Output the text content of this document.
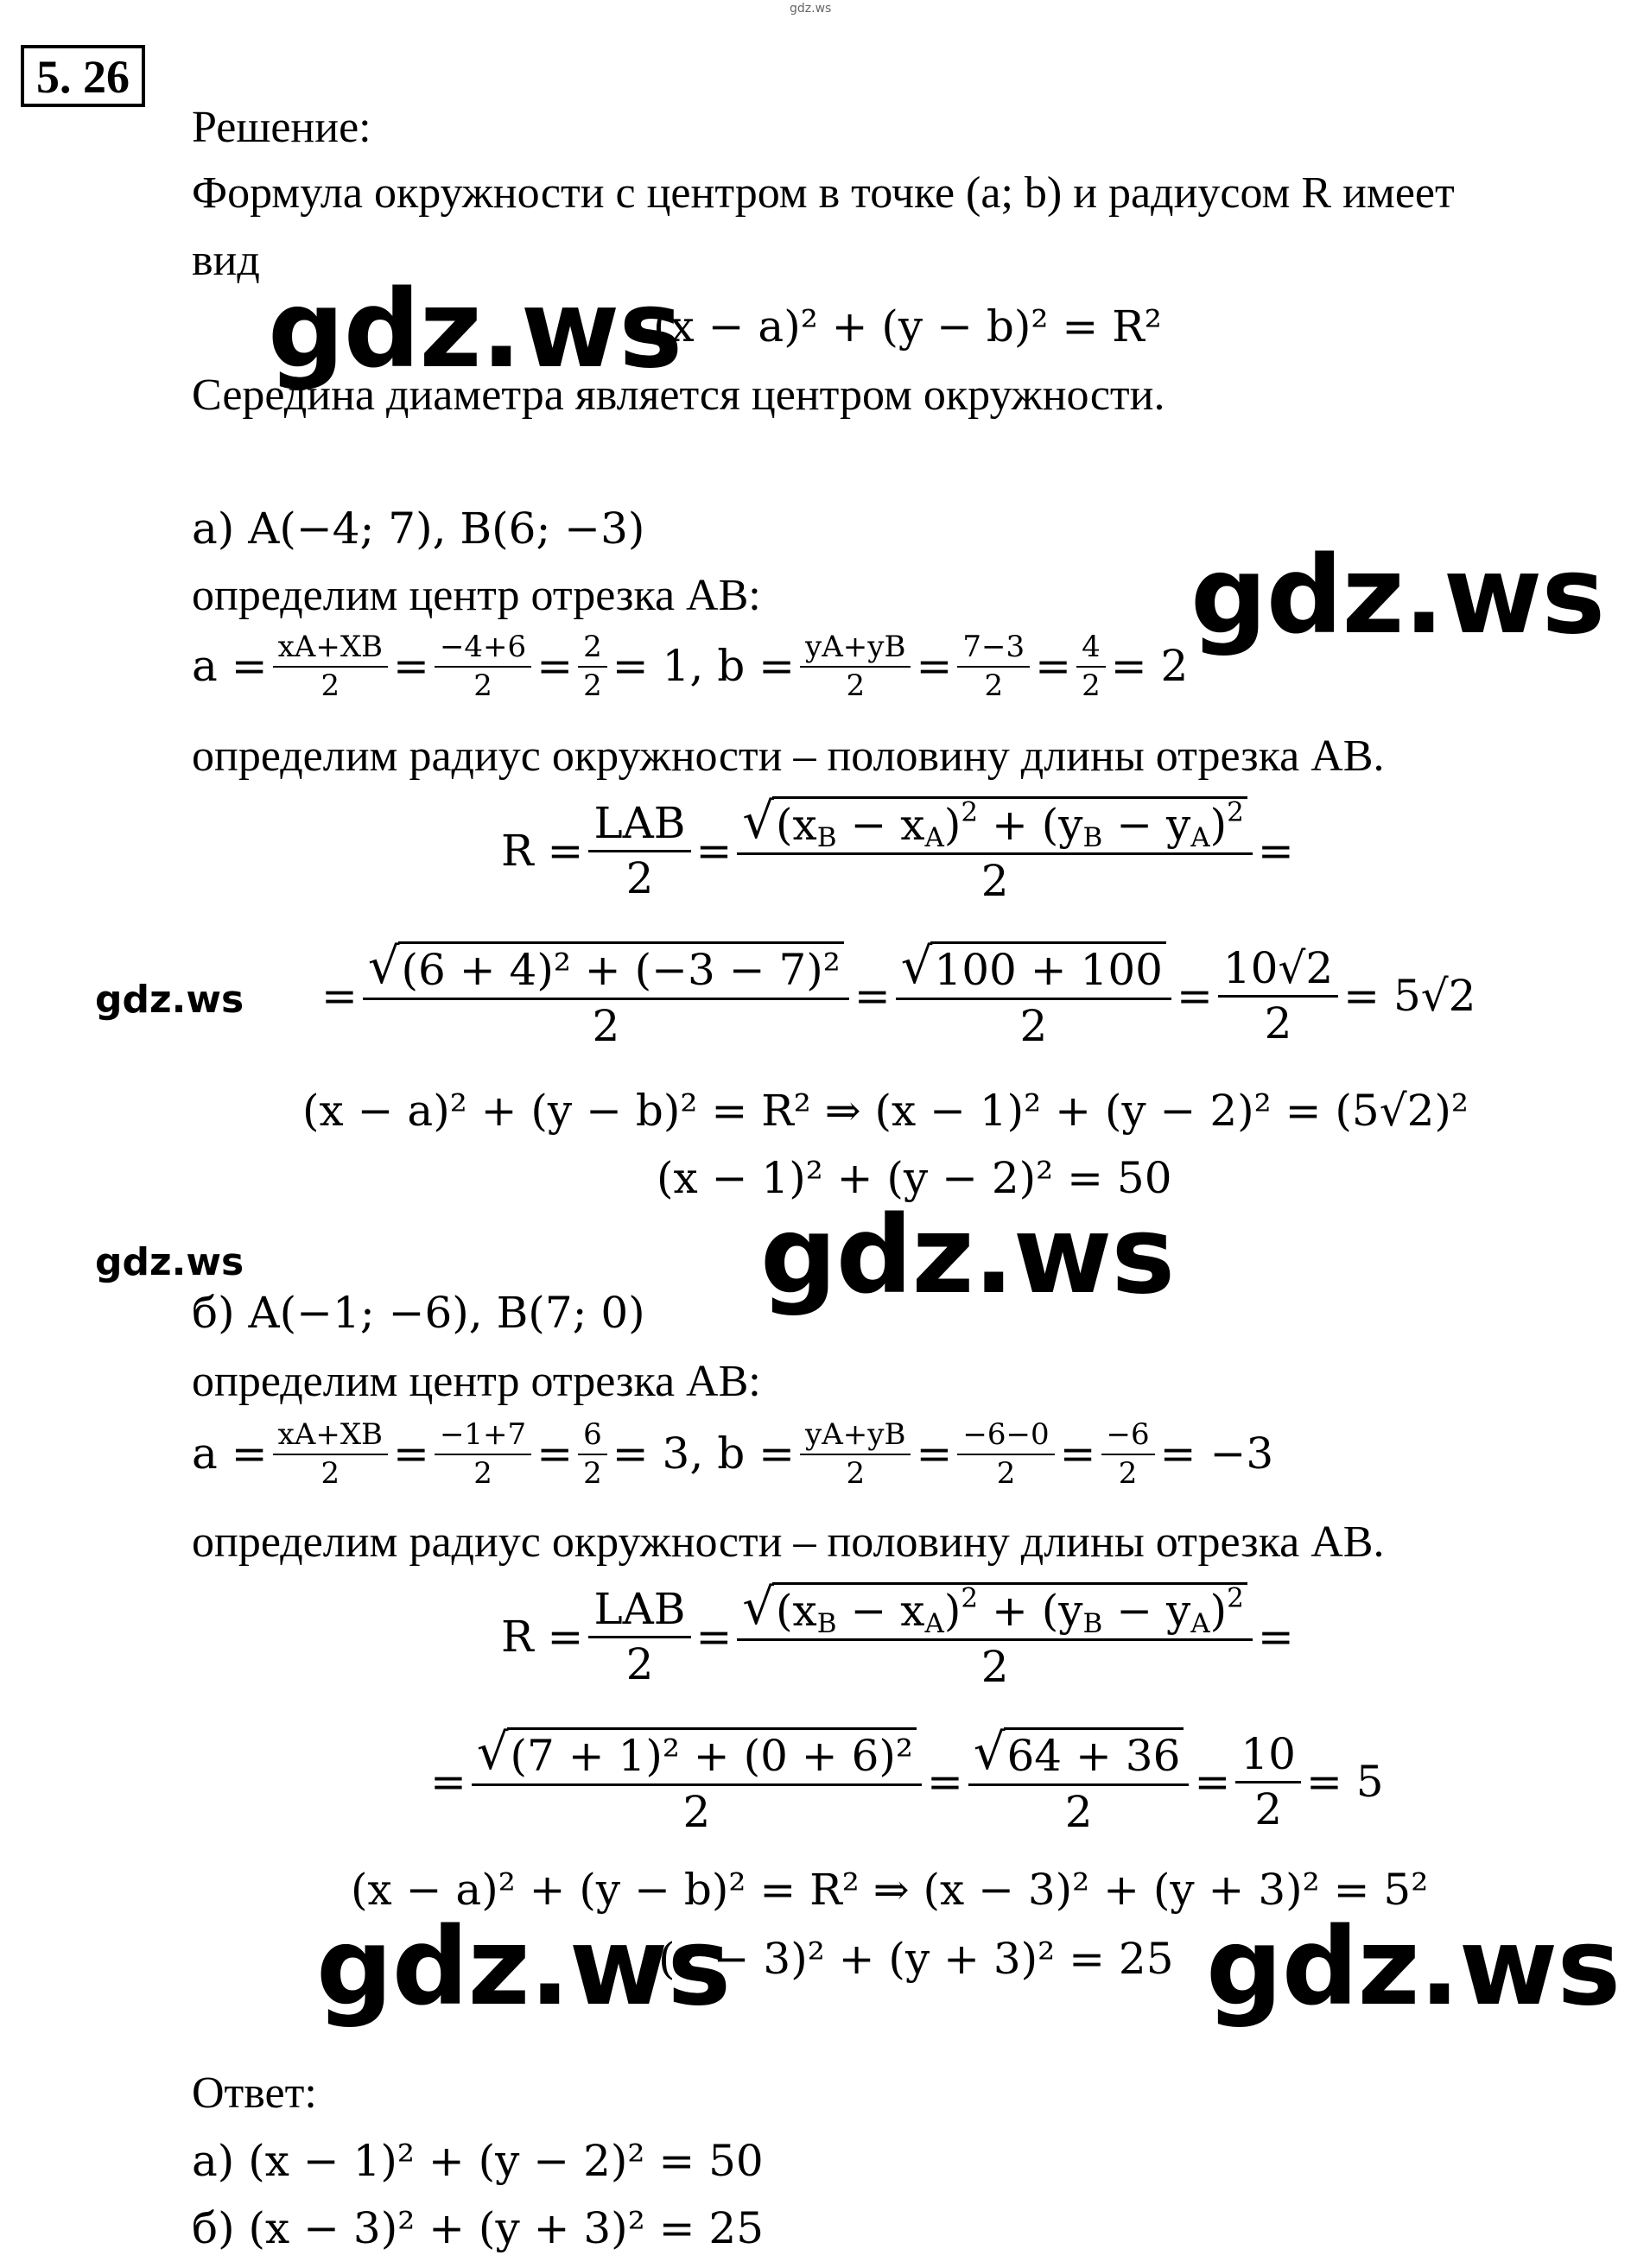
gdz.ws
5. 26
Решение:
Формула окружности с центром в точке (a; b) и радиусом R имеет
вид
gdz.ws
(x − a)² + (y − b)² = R²
Середина диаметра является центром окружности.
а) A(−4; 7), B(6; −3)
gdz.ws
определим центр отрезка AB:
$a = \frac{xA+XB}{2} = \frac{-4+6}{2} = \frac{2}{2} = 1$, $b = \frac{yA+yB}{2} = \frac{7-3}{2} = \frac{4}{2} = 2$
определим радиус окружности – половину длины отрезка AB.
$R = \frac{\text{LAB}}{2} = \frac{√ (x_B - x_A)^2 + (y_B - y_A)^2}{2}$ =
$gdz.ws = \frac{\text{√ (6 + 4)² + (−3 − 7)²}}{2} = \frac{√ 100 + 100}{2} = \frac{10√2}{2} = 5√2$
(x − a)² + (y − b)² = R² ⇒ (x − 1)² + (y − 2)² = (5√2)²
(x − 1)² + (y − 2)² = 50
gdz.ws
gdz.ws
б) A(−1; −6), B(7; 0)
определим центр отрезка AB:
$a = \frac{xA+XB}{2} = \frac{-1+7}{2} = \frac{6}{2} = 3$, $b = \frac{yA+yB}{2} = \frac{-6-0}{2} = \frac{-6}{2} = -3$
определим радиус окружности – половину длины отрезка AB.
$R = \frac{\text{LAB}}{2} = \frac{√ (x_B - x_A)^2 + (y_B - y_A)^2}{2}$ =
= $\frac{\text{√ (7 + 1)² + (0 + 6)²}}{2} = \frac{√ 64 + 36}{2} = \frac{10}{2} = 5$
(x − a)² + (y − b)² = R² ⇒ (x − 3)² + (y + 3)² = 5²
gdz.ws
(x − 3)² + (y + 3)² = 25 gdz.ws
Ответ:
а) (x − 1)² + (y − 2)² = 50
б) (x − 3)² + (y + 3)² = 25
